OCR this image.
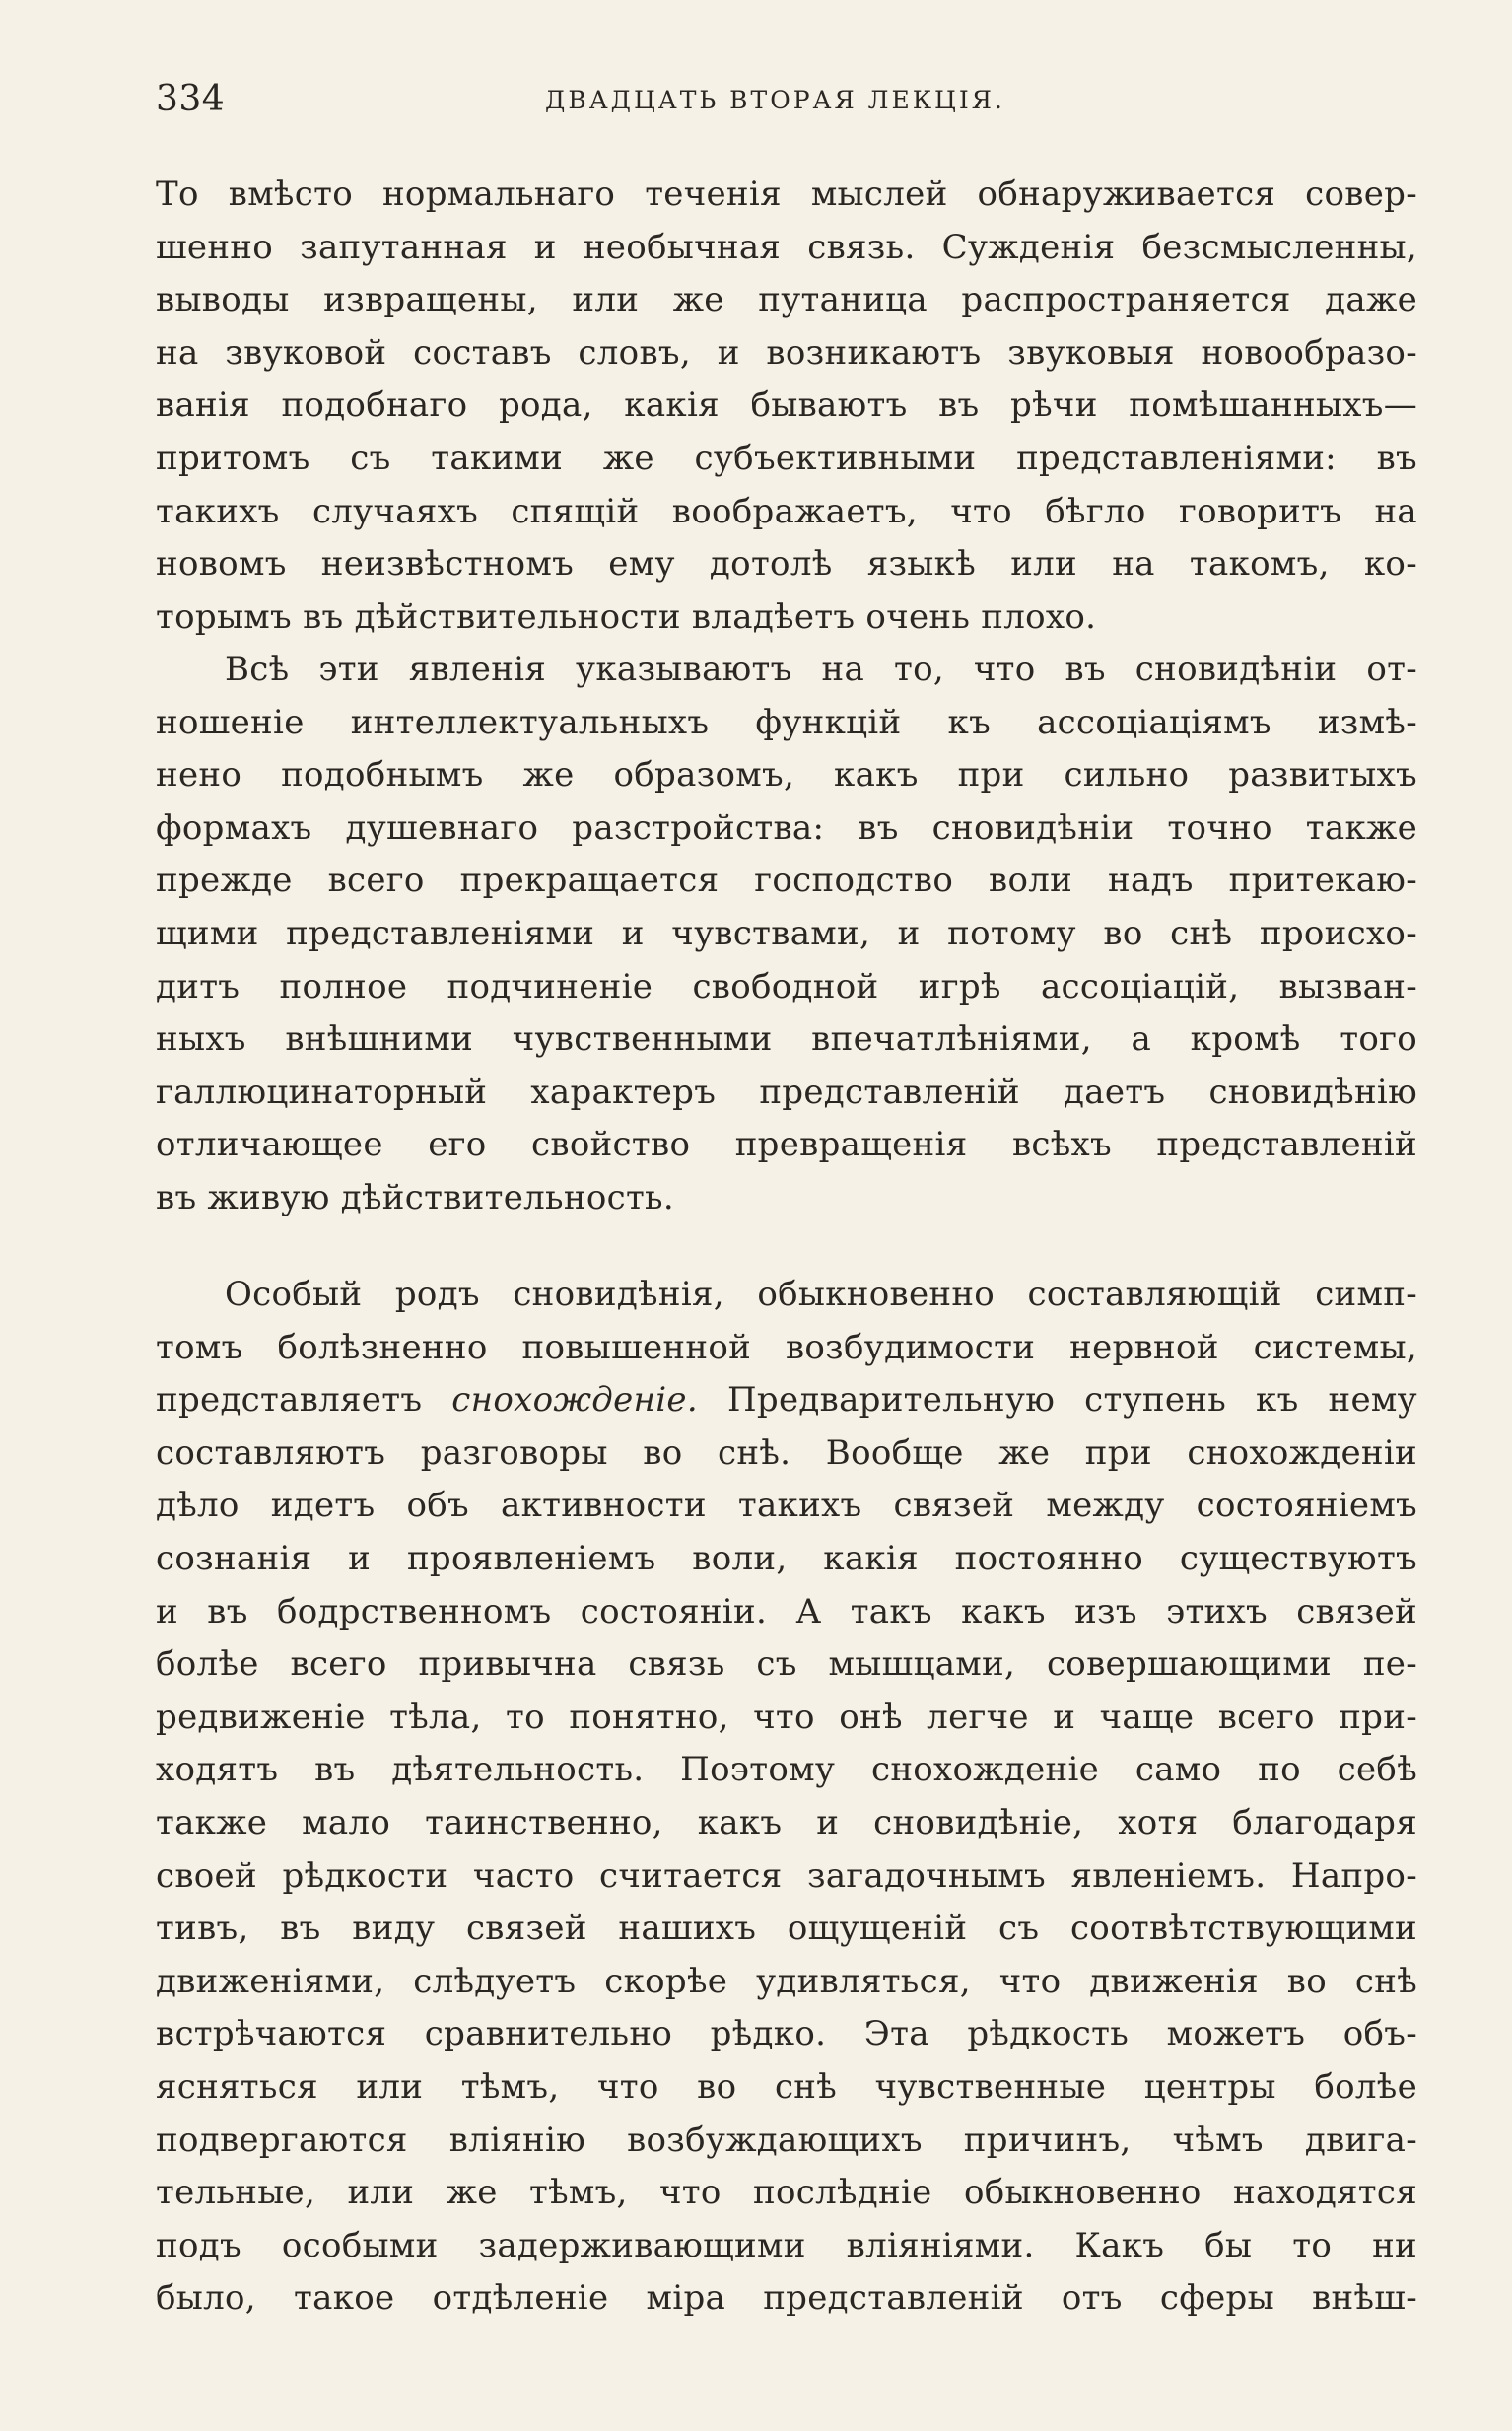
334	ДВАДЦАТЬ ВТОРАЯ ЛЕКЦІЯ.
То вмѣсто нормальнаго теченія мыслей обнаруживается совер-
шенно запутанная и необычная связь. Сужденія безсмысленны,
выводы извращены, или же путаница распространяется даже
на звуковой составъ словъ, и возникаютъ звуковыя новообразо-
ванія подобнаго рода, какія бываютъ въ рѣчи помѣшанныхъ—
притомъ съ такими же субъективными представленіями: въ
такихъ случаяхъ спящій воображаетъ, что бѣгло говоритъ на
новомъ неизвѣстномъ ему дотолѣ языкѣ или на такомъ, ко-
торымъ въ дѣйствительности владѣетъ очень плохо.
Всѣ эти явленія указываютъ на то, что въ сновидѣніи от-
ношеніе интеллектуальныхъ функцій къ ассоціаціямъ измѣ-
нено подобнымъ же образомъ, какъ при сильно развитыхъ
формахъ душевнаго разстройства: въ сновидѣніи точно также
прежде всего прекращается господство воли надъ притекаю-
щими представленіями и чувствами, и потому во снѣ происхо-
дитъ полное подчиненіе свободной игрѣ ассоціацій, вызван-
ныхъ внѣшними чувственными впечатлѣніями, а кромѣ того
галлюцинаторный характеръ представленій даетъ сновидѣнію
отличающее его свойство превращенія всѣхъ представленій
въ живую дѣйствительность.
Особый родъ сновидѣнія, обыкновенно составляющій симп-
томъ болѣзненно повышенной возбудимости нервной системы,
представляетъ снохожденіе. Предварительную ступень къ нему
составляютъ разговоры во снѣ. Вообще же при снохожденіи
дѣло идетъ объ активности такихъ связей между состояніемъ
сознанія и проявленіемъ воли, какія постоянно существуютъ
и въ бодрственномъ состояніи. А такъ какъ изъ этихъ связей
болѣе всего привычна связь съ мышцами, совершающими пе-
редвиженіе тѣла, то понятно, что онѣ легче и чаще всего при-
ходятъ въ дѣятельность. Поэтому снохожденіе само по себѣ
также мало таинственно, какъ и сновидѣніе, хотя благодаря
своей рѣдкости часто считается загадочнымъ явленіемъ. Напро-
тивъ, въ виду связей нашихъ ощущеній съ соотвѣтствующими
движеніями, слѣдуетъ скорѣе удивляться, что движенія во снѣ
встрѣчаются сравнительно рѣдко. Эта рѣдкость можетъ объ-
ясняться или тѣмъ, что во снѣ чувственные центры болѣе
подвергаются вліянію возбуждающихъ причинъ, чѣмъ двига-
тельные, или же тѣмъ, что послѣдніе обыкновенно находятся
подъ особыми задерживающими вліяніями. Какъ бы то ни
было, такое отдѣленіе міра представленій отъ сферы внѣш-
